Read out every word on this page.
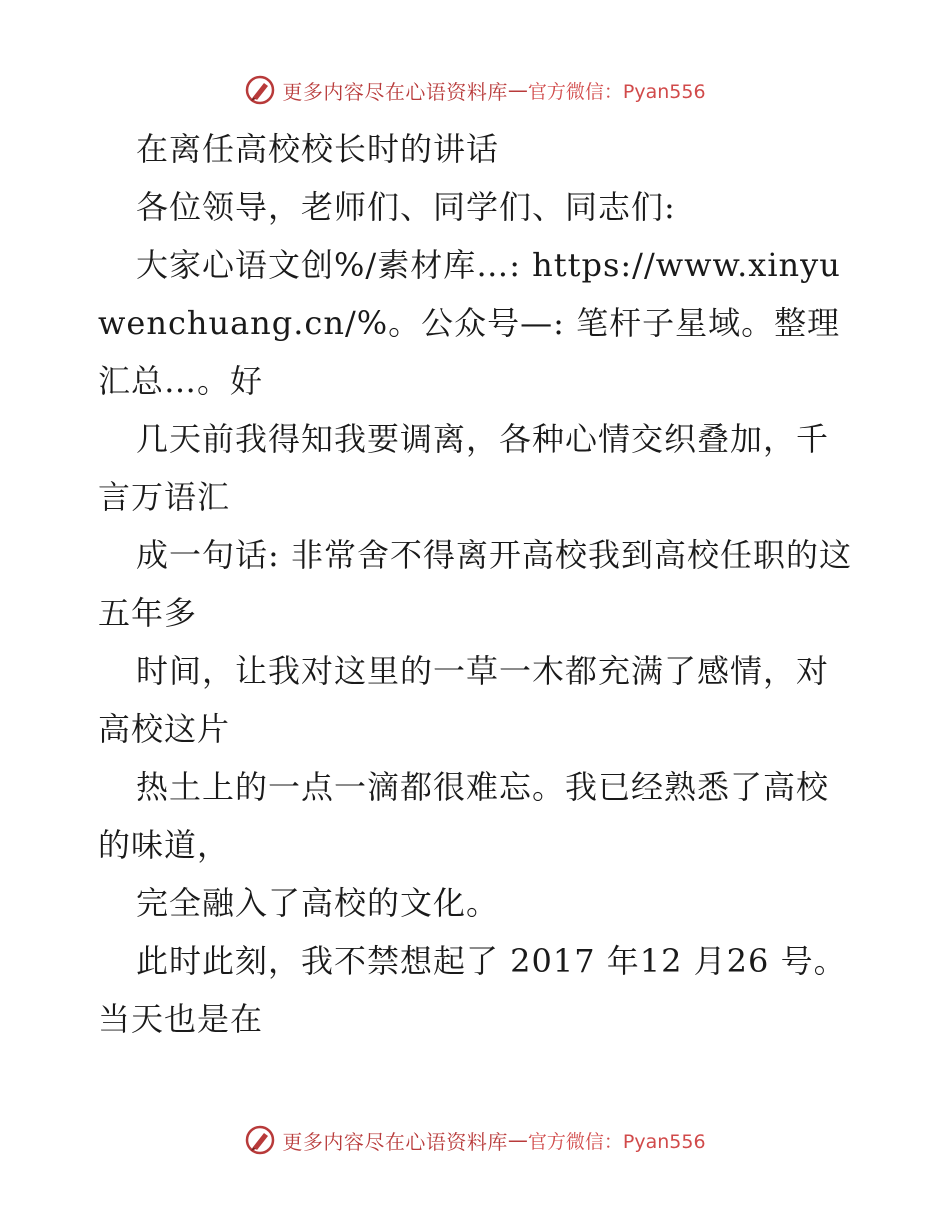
更多内容尽在心语资料库 — 官方微信：Pyan556

在离任高校校长时的讲话

各位领导，老师们、同学们、同志们:

大家心语文创%/素材库…: https://www.xinyuwenchuang.cn/%。公众号—: 笔杆子星域。整理汇总…。好

几天前我得知我要调离，各种心情交织叠加，千言万语汇

成一句话: 非常舍不得离开高校我到高校任职的这五年多

时间，让我对这里的一草一木都充满了感情，对高校这片

热土上的一点一滴都很难忘。我已经熟悉了高校的味道，

完全融入了高校的文化。

此时此刻，我不禁想起了 2017 年12 月26 号。当天也是在

更多内容尽在心语资料库 — 官方微信：Pyan556
